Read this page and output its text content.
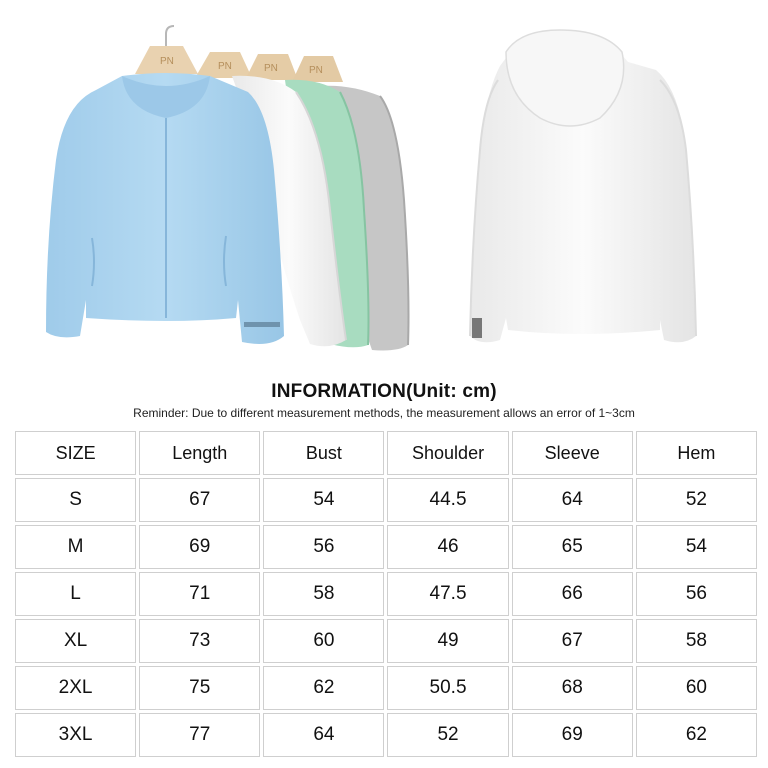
PN	PN	PN	PN
INFORMATION(Unit: cm)
Reminder: Due to different measurement methods, the measurement allows an error of 1~3cm
SIZE	Length	Bust	Shoulder	Sleeve	Hem
S	67	54	44.5	64	52
M	69	56	46	65	54
L	71	58	47.5	66	56
XL	73	60	49	67	58
2XL	75	62	50.5	68	60
3XL	77	64	52	69	62
